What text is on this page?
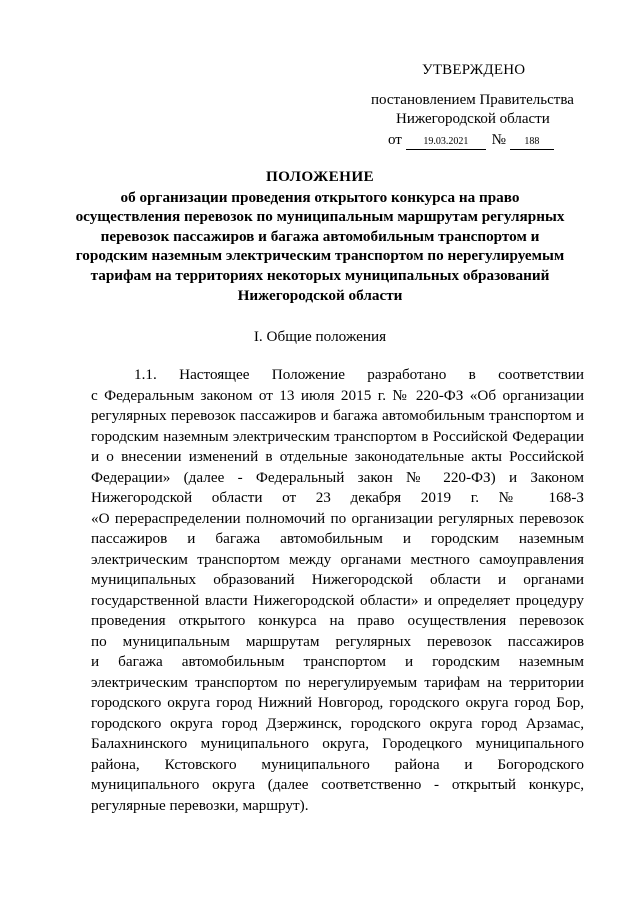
УТВЕРЖДЕНО
постановлением Правительства
Нижегородской области
от 19.03.2021 № 188
ПОЛОЖЕНИЕ
об организации проведения открытого конкурса на право
осуществления перевозок по муниципальным маршрутам регулярных
перевозок пассажиров и багажа автомобильным транспортом и
городским наземным электрическим транспортом по нерегулируемым
тарифам на территориях некоторых муниципальных образований
Нижегородской области
I. Общие положения
1.1. Настоящее Положение разработано в соответствии
с Федеральным законом от 13 июля 2015 г. № 220-ФЗ «Об организации
регулярных перевозок пассажиров и багажа автомобильным транспортом и
городским наземным электрическим транспортом в Российской Федерации
и о внесении изменений в отдельные законодательные акты Российской
Федерации» (далее - Федеральный закон № 220-ФЗ) и Законом
Нижегородской области от 23 декабря 2019 г. № 168-З
«О перераспределении полномочий по организации регулярных перевозок
пассажиров и багажа автомобильным и городским наземным
электрическим транспортом между органами местного самоуправления
муниципальных образований Нижегородской области и органами
государственной власти Нижегородской области» и определяет процедуру
проведения открытого конкурса на право осуществления перевозок
по муниципальным маршрутам регулярных перевозок пассажиров
и багажа автомобильным транспортом и городским наземным
электрическим транспортом по нерегулируемым тарифам на территории
городского округа город Нижний Новгород, городского округа город Бор,
городского округа город Дзержинск, городского округа город Арзамас,
Балахнинского муниципального округа, Городецкого муниципального
района, Кстовского муниципального района и Богородского
муниципального округа (далее соответственно - открытый конкурс,
регулярные перевозки, маршрут).
